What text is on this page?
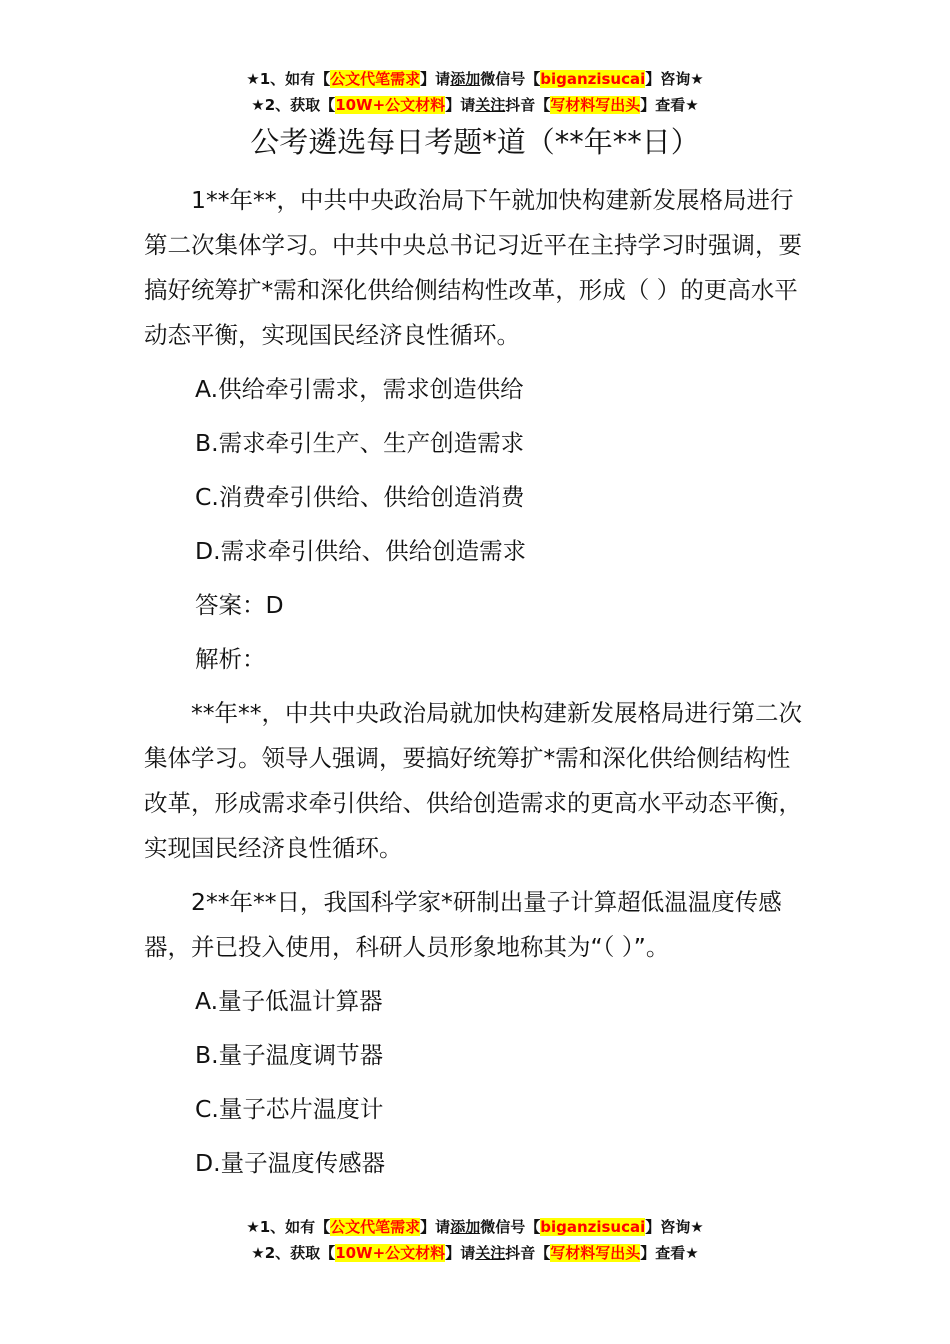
★1、如有【公文代笔需求】请添加微信号【biganzisucai】咨询★
★2、获取【10W+公文材料】请关注抖音【写材料写出头】查看★
公考遴选每日考题*道（**年**日）

1**年**，中共中央政治局下午就加快构建新发展格局进行第二次集体学习。中共中央总书记习近平在主持学习时强调，要搞好统筹扩*需和深化供给侧结构性改革，形成（ ）的更高水平动态平衡，实现国民经济良性循环。

A.供给牵引需求，需求创造供给

B.需求牵引生产、生产创造需求

C.消费牵引供给、供给创造消费

D.需求牵引供给、供给创造需求

答案：D

解析：

**年**，中共中央政治局就加快构建新发展格局进行第二次集体学习。领导人强调，要搞好统筹扩*需和深化供给侧结构性改革，形成需求牵引供给、供给创造需求的更高水平动态平衡，实现国民经济良性循环。

2**年**日，我国科学家*研制出量子计算超低温温度传感器，并已投入使用，科研人员形象地称其为“（ ）”。

A.量子低温计算器

B.量子温度调节器

C.量子芯片温度计

D.量子温度传感器

★1、如有【公文代笔需求】请添加微信号【biganzisucai】咨询★
★2、获取【10W+公文材料】请关注抖音【写材料写出头】查看★
